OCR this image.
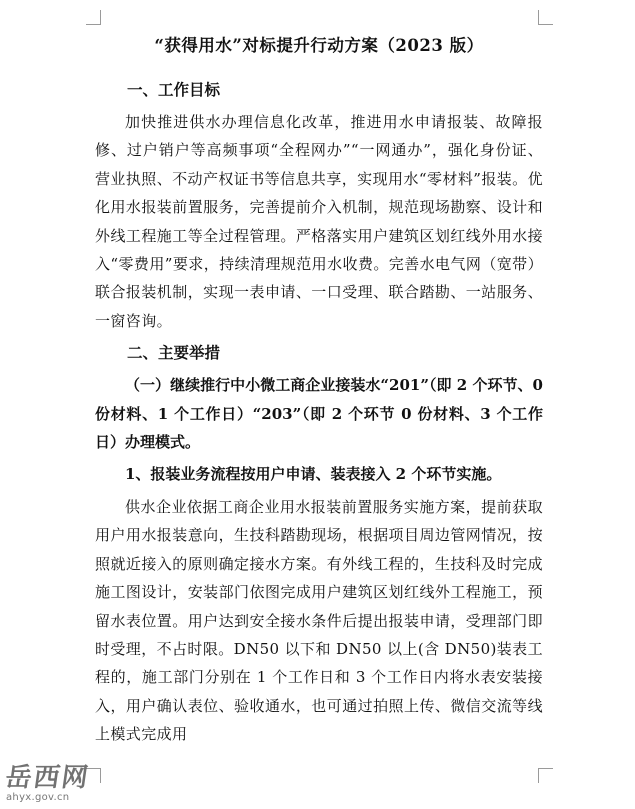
“获得用水”对标提升行动方案（2023 版）
一、工作目标
加快推进供水办理信息化改革，推进用水申请报装、故障报修、过户销户等高频事项“全程网办”“一网通办”，强化身份证、营业执照、不动产权证书等信息共享，实现用水“零材料”报装。优化用水报装前置服务，完善提前介入机制，规范现场勘察、设计和外线工程施工等全过程管理。严格落实用户建筑区划红线外用水接入“零费用”要求，持续清理规范用水收费。完善水电气网（宽带）联合报装机制，实现一表申请、一口受理、联合踏勘、一站服务、一窗咨询。
二、主要举措
（一）继续推行中小微工商企业接装水“201”（即 2 个环节、0 份材料、1 个工作日）“203”（即 2 个环节 0 份材料、3 个工作日）办理模式。
1、报装业务流程按用户申请、装表接入 2 个环节实施。
供水企业依据工商企业用水报装前置服务实施方案，提前获取用户用水报装意向，生技科踏勘现场，根据项目周边管网情况，按照就近接入的原则确定接水方案。有外线工程的，生技科及时完成施工图设计，安装部门依图完成用户建筑区划红线外工程施工，预留水表位置。用户达到安全接水条件后提出报装申请，受理部门即时受理，不占时限。DN50 以下和 DN50 以上(含 DN50)装表工程的，施工部门分别在 1 个工作日和 3 个工作日内将水表安装接入，用户确认表位、验收通水，也可通过拍照上传、微信交流等线上模式完成用
岳西网
ahyx.gov.cn
